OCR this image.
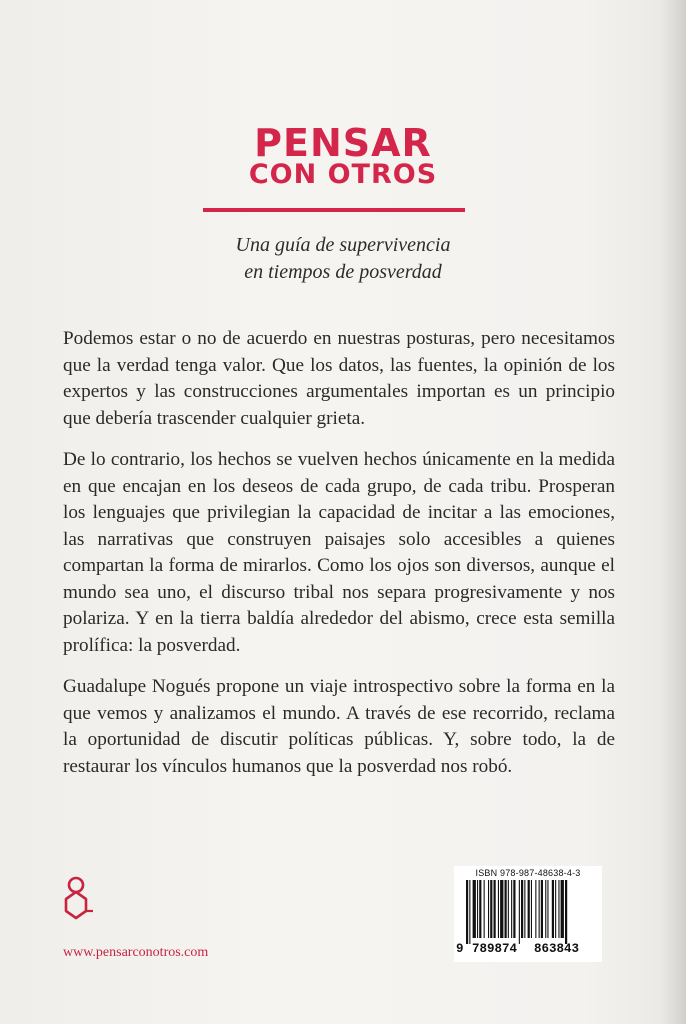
PENSAR
CON OTROS
Una guía de supervivencia
en tiempos de posverdad

Podemos estar o no de acuerdo en nuestras posturas, pero necesitamos que la verdad tenga valor. Que los datos, las fuentes, la opinión de los expertos y las construcciones argumentales importan es un principio que debería trascender cualquier grieta.

De lo contrario, los hechos se vuelven hechos únicamente en la medida en que encajan en los deseos de cada grupo, de cada tribu. Prosperan los lenguajes que privilegian la capacidad de incitar a las emociones, las narrativas que construyen paisajes solo accesibles a quienes compartan la forma de mirarlos. Como los ojos son diversos, aunque el mundo sea uno, el discurso tribal nos separa progresivamente y nos polariza. Y en la tierra baldía alrededor del abismo, crece esta semilla prolífica: la posverdad.

Guadalupe Nogués propone un viaje introspectivo sobre la forma en la que vemos y analizamos el mundo. A través de ese recorrido, reclama la oportunidad de discutir políticas públicas. Y, sobre todo, la de restaurar los vínculos humanos que la posverdad nos robó.

www.pensarconotros.com
ISBN 978-987-48638-4-3
9 789874 863843
